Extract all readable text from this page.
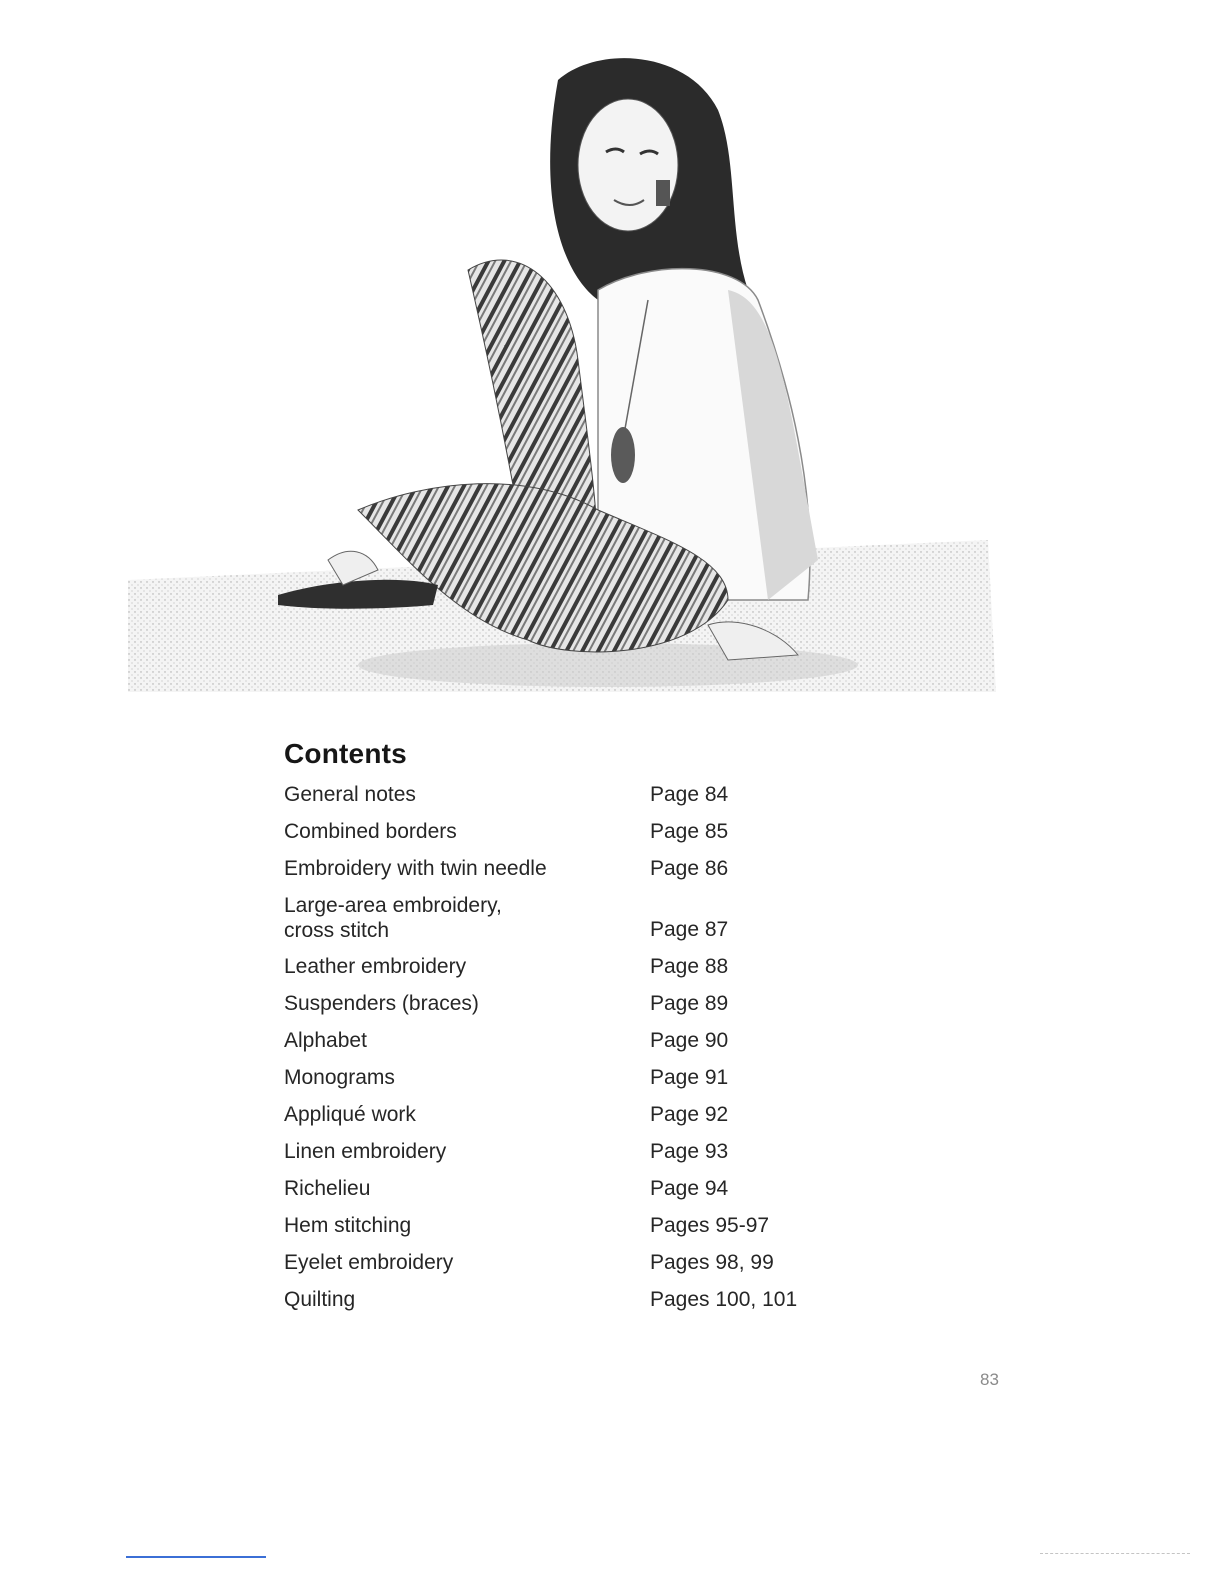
Contents
General notes	Page 84
Combined borders	Page 85
Embroidery with twin needle	Page 86
Large-area embroidery,
cross stitch	Page 87
Leather embroidery	Page 88
Suspenders (braces)	Page 89
Alphabet	Page 90
Monograms	Page 91
Appliqué work	Page 92
Linen embroidery	Page 93
Richelieu	Page 94
Hem stitching	Pages 95-97
Eyelet embroidery	Pages 98, 99
Quilting	Pages 100, 101
83
